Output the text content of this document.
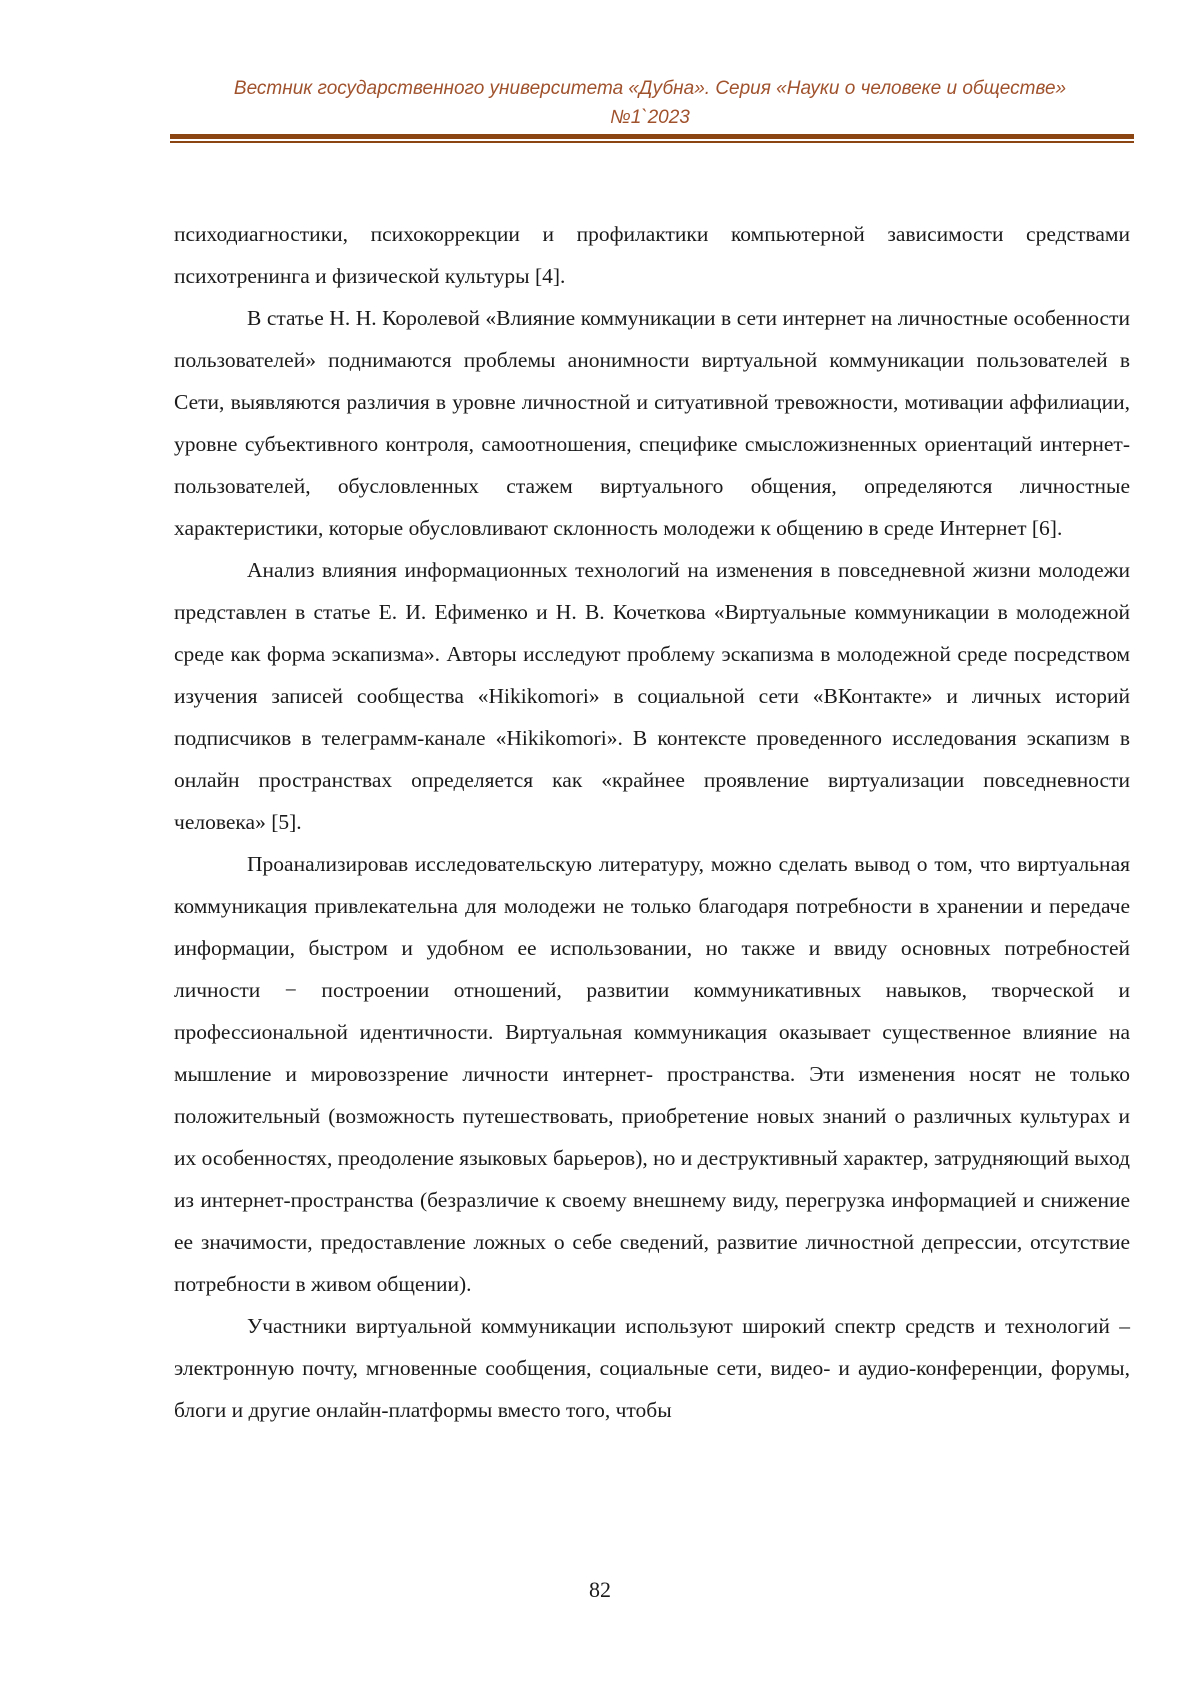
Вестник государственного университета «Дубна». Серия «Науки о человеке и обществе»
№1`2023

психодиагностики, психокоррекции и профилактики компьютерной зависимости средствами психотренинга и физической культуры [4].

В статье Н. Н. Королевой «Влияние коммуникации в сети интернет на личностные особенности пользователей» поднимаются проблемы анонимности виртуальной коммуникации пользователей в Сети, выявляются различия в уровне личностной и ситуативной тревожности, мотивации аффилиации, уровне субъективного контроля, самоотношения, специфике смысложизненных ориентаций интернет-пользователей, обусловленных стажем виртуального общения, определяются личностные характеристики, которые обусловливают склонность молодежи к общению в среде Интернет [6].

Анализ влияния информационных технологий на изменения в повседневной жизни молодежи представлен в статье Е. И. Ефименко и Н. В. Кочеткова «Виртуальные коммуникации в молодежной среде как форма эскапизма». Авторы исследуют проблему эскапизма в молодежной среде посредством изучения записей сообщества «Hikikomori» в социальной сети «ВКонтакте» и личных историй подписчиков в телеграмм-канале «Hikikomori». В контексте проведенного исследования эскапизм в онлайн пространствах определяется как «крайнее проявление виртуализации повседневности человека» [5].

Проанализировав исследовательскую литературу, можно сделать вывод о том, что виртуальная коммуникация привлекательна для молодежи не только благодаря потребности в хранении и передаче информации, быстром и удобном ее использовании, но также и ввиду основных потребностей личности − построении отношений, развитии коммуникативных навыков, творческой и профессиональной идентичности. Виртуальная коммуникация оказывает существенное влияние на мышление и мировоззрение личности интернет- пространства. Эти изменения носят не только положительный (возможность путешествовать, приобретение новых знаний о различных культурах и их особенностях, преодоление языковых барьеров), но и деструктивный характер, затрудняющий выход из интернет-пространства (безразличие к своему внешнему виду, перегрузка информацией и снижение ее значимости, предоставление ложных о себе сведений, развитие личностной депрессии, отсутствие потребности в живом общении).

Участники виртуальной коммуникации используют широкий спектр средств и технологий – электронную почту, мгновенные сообщения, социальные сети, видео- и аудио-конференции, форумы, блоги и другие онлайн-платформы вместо того, чтобы

82
